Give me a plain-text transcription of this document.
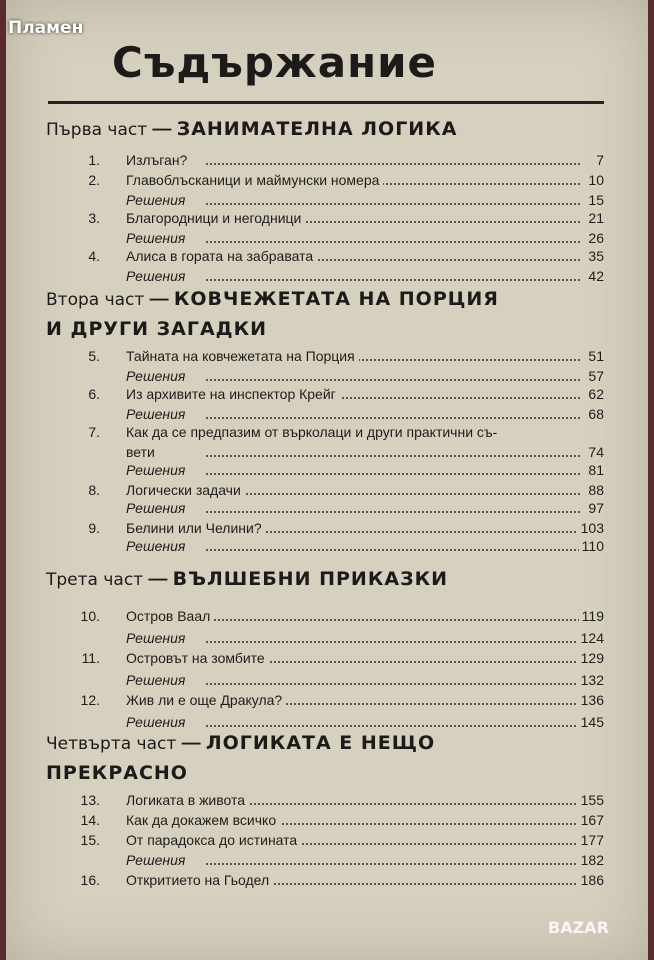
Съдържание
Първа част — ЗАНИМАТЕЛНА ЛОГИКА
1. Излъган?	7
2. Главоблъсканици и маймунски номера	10
Решения	15
3. Благородници и негодници	21
Решения	26
4. Алиса в гората на забравата	35
Решения	42
Втора част — КОВЧЕЖЕТАТА НА ПОРЦИЯ
И ДРУГИ ЗАГАДКИ
5. Тайната на ковчежетата на Порция	51
Решения	57
6. Из архивите на инспектор Крейг	62
Решения	68
7. Как да се предпазим от върколаци и други практични съ-
вети	74
Решения	81
8. Логически задачи	88
Решения	97
9. Белини или Челини?	103
Решения	110
Трета част — ВЪЛШЕБНИ ПРИКАЗКИ
10. Остров Ваал	119
Решения	124
11. Островът на зомбите	129
Решения	132
12. Жив ли е още Дракула?	136
Решения	145
Четвърта част — ЛОГИКАТА Е НЕЩО
ПРЕКРАСНО
13. Логиката в живота	155
14. Как да докажем всичко	167
15. От парадокса до истината	177
Решения	182
16. Откритието на Гьодел	186
Пламен
BAZAR
